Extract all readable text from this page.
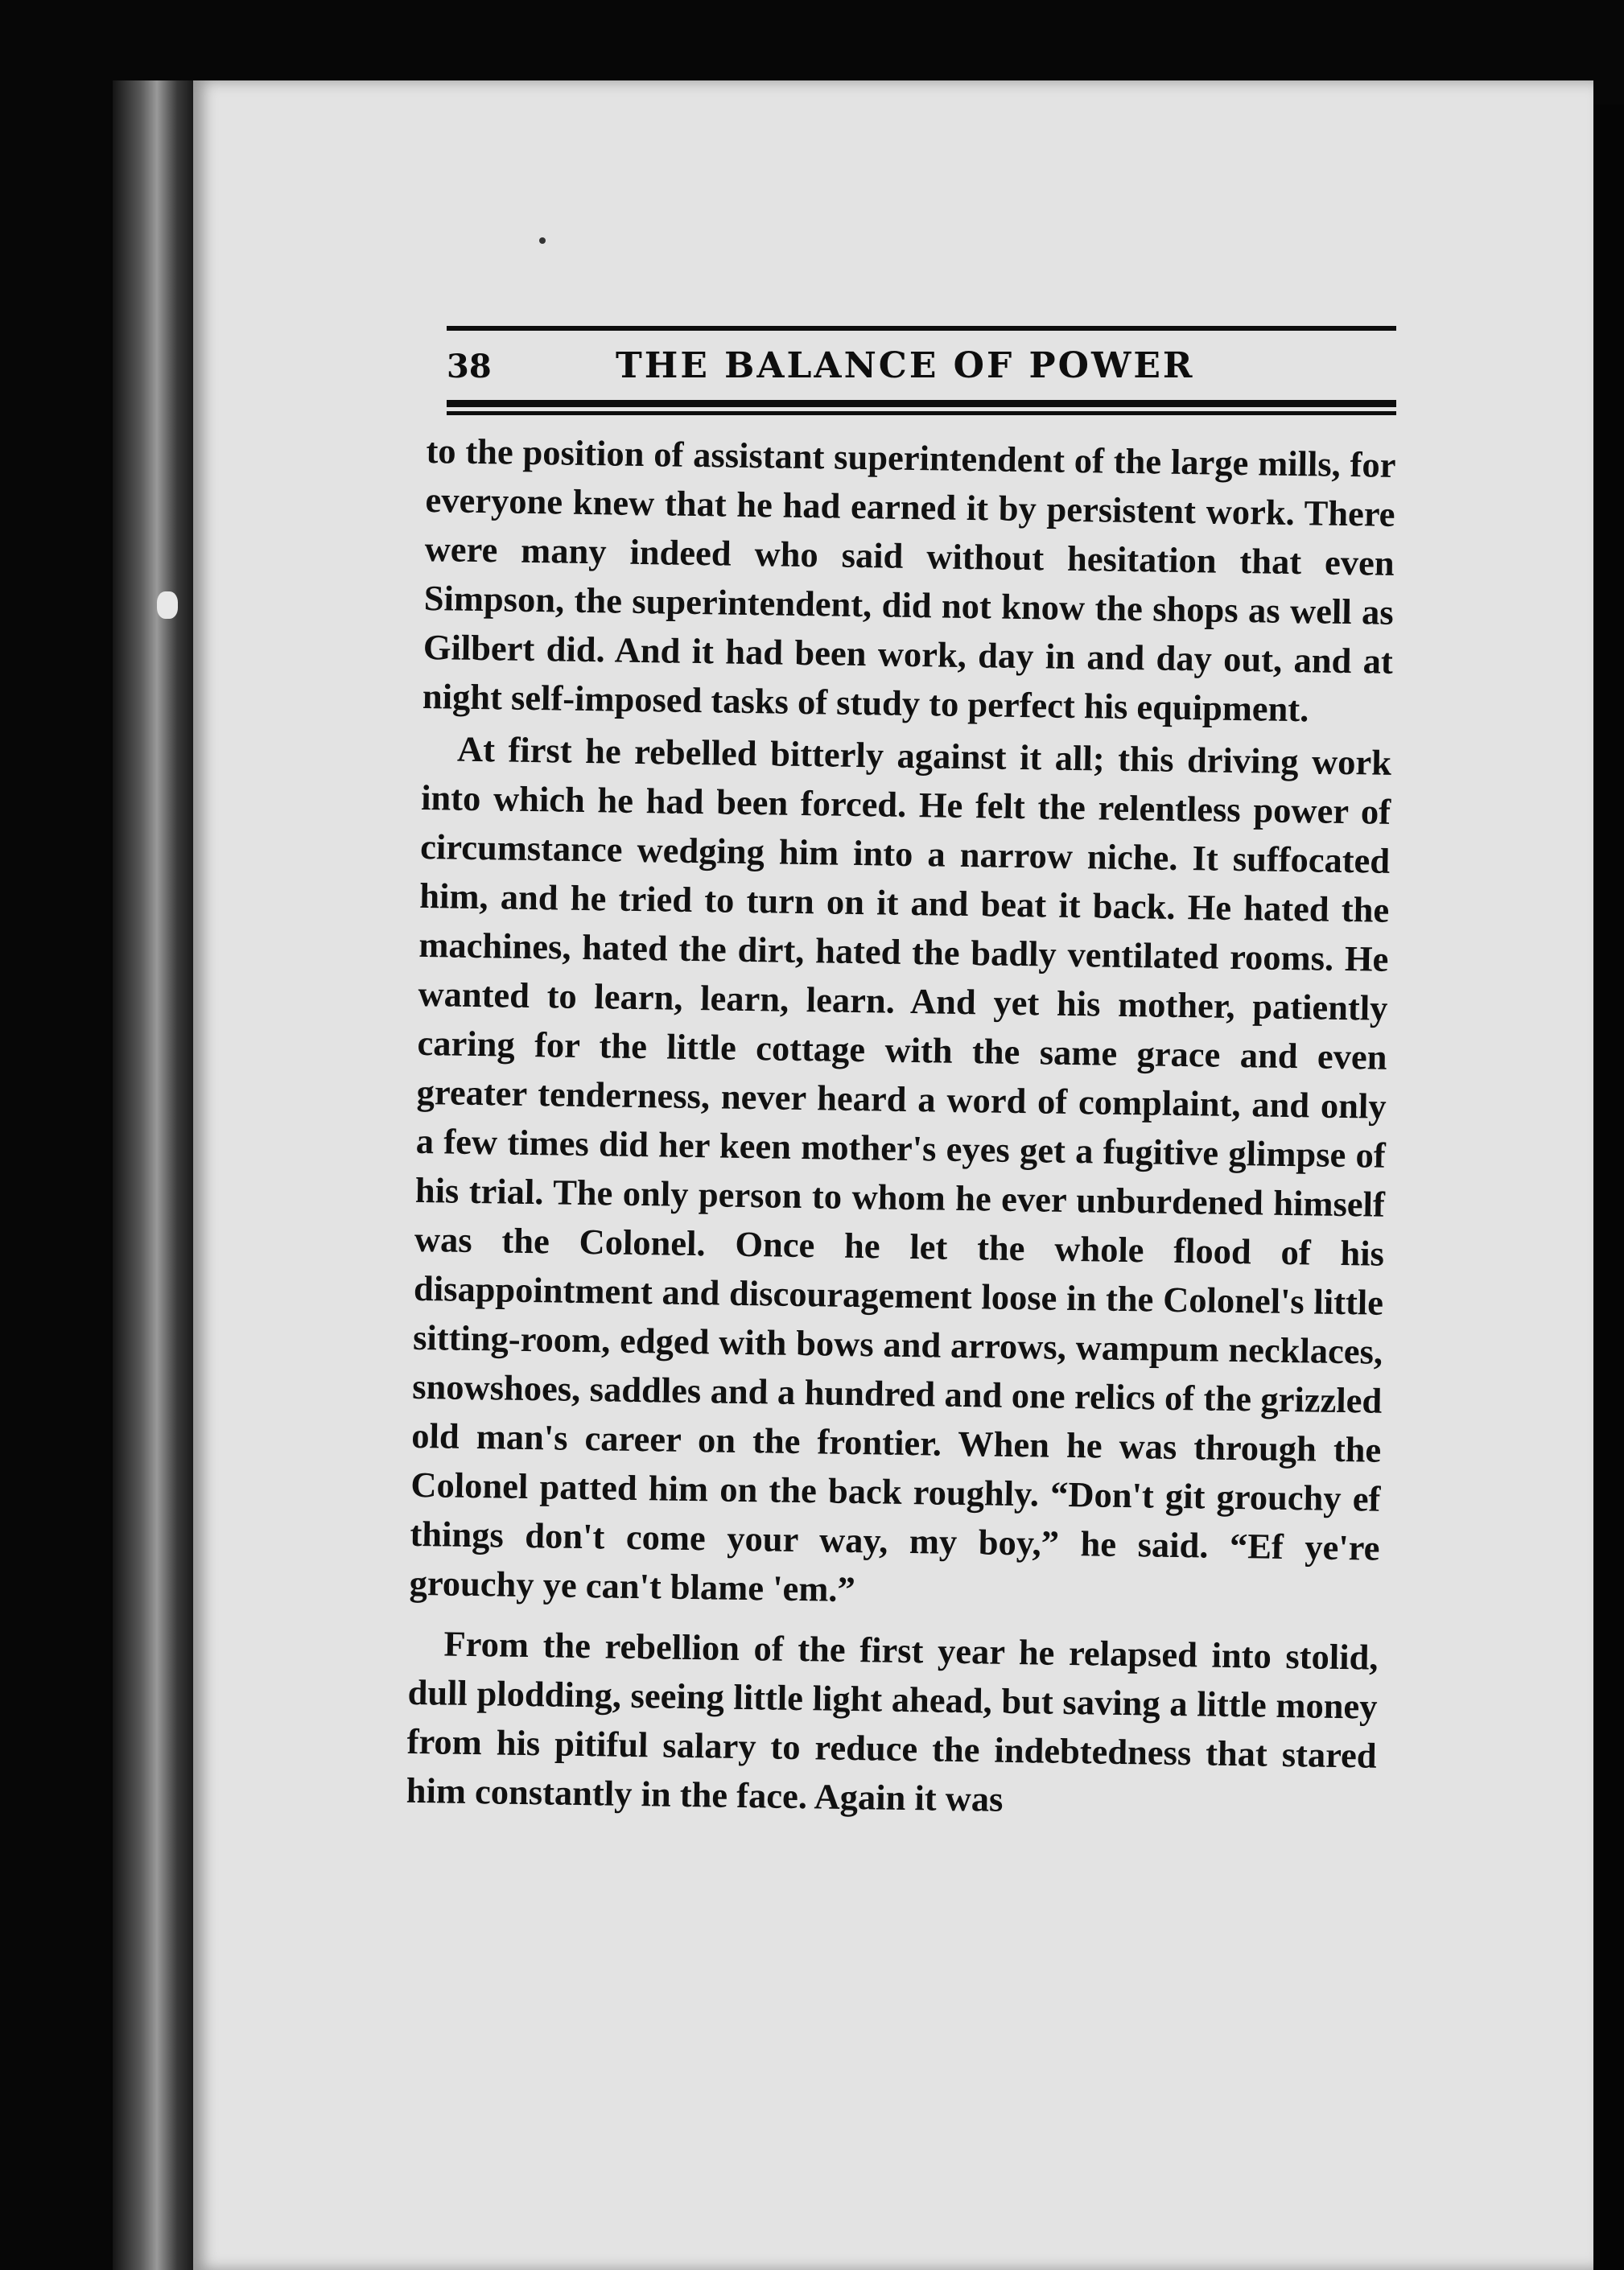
38	THE BALANCE OF POWER

to the position of assistant superintendent of the large mills, for everyone knew that he had earned it by persistent work. There were many indeed who said without hesitation that even Simpson, the superintendent, did not know the shops as well as Gilbert did. And it had been work, day in and day out, and at night self-imposed tasks of study to perfect his equipment.

At first he rebelled bitterly against it all; this driving work into which he had been forced. He felt the relentless power of circumstance wedging him into a narrow niche. It suffocated him, and he tried to turn on it and beat it back. He hated the machines, hated the dirt, hated the badly ventilated rooms. He wanted to learn, learn, learn. And yet his mother, patiently caring for the little cottage with the same grace and even greater tenderness, never heard a word of complaint, and only a few times did her keen mother's eyes get a fugitive glimpse of his trial. The only person to whom he ever unburdened himself was the Colonel. Once he let the whole flood of his disappointment and discouragement loose in the Colonel's little sitting-room, edged with bows and arrows, wampum necklaces, snowshoes, saddles and a hundred and one relics of the grizzled old man's career on the frontier. When he was through the Colonel patted him on the back roughly. “Don't git grouchy ef things don't come your way, my boy,” he said. “Ef ye're grouchy ye can't blame 'em.”

From the rebellion of the first year he relapsed into stolid, dull plodding, seeing little light ahead, but saving a little money from his pitiful salary to reduce the indebtedness that stared him constantly in the face. Again it was
